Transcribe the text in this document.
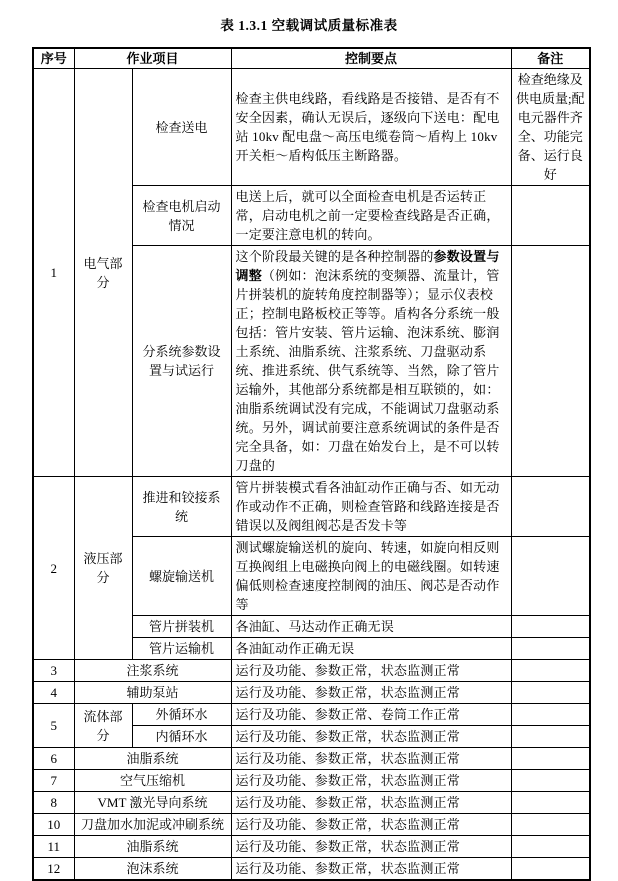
表 1.3.1 空载调试质量标准表
序号	作业项目		控制要点	备注
1	电气部分	检查送电	检查主供电线路，看线路是否接错、是否有不安全因素，确认无误后，逐级向下送电：配电站 10kv 配电盘～高压电缆卷筒～盾构上 10kv 开关柜～盾构低压主断路器。	检查绝缘及供电质量;配电元器件齐全、功能完备、运行良好
		检查电机启动情况	电送上后，就可以全面检查电机是否运转正常，启动电机之前一定要检查线路是否正确，一定要注意电机的转向。	
		分系统参数设置与试运行	这个阶段最关键的是各种控制器的参数设置与调整（例如：泡沫系统的变频器、流量计，管片拼装机的旋转角度控制器等）；显示仪表校正；控制电路板校正等等。盾构各分系统一般包括：管片安装、管片运输、泡沫系统、膨润土系统、油脂系统、注浆系统、刀盘驱动系统、推进系统、供气系统等、当然，除了管片运输外，其他部分系统都是相互联锁的，如：油脂系统调试没有完成，不能调试刀盘驱动系统。另外，调试前要注意系统调试的条件是否完全具备，如：刀盘在始发台上，是不可以转刀盘的	
2	液压部分	推进和铰接系统	管片拼装模式看各油缸动作正确与否、如无动作或动作不正确，则检查管路和线路连接是否错误以及阀组阀芯是否发卡等	
		螺旋输送机	测试螺旋输送机的旋向、转速，如旋向相反则互换阀组上电磁换向阀上的电磁线圈。如转速偏低则检查速度控制阀的油压、阀芯是否动作等	
		管片拼装机	各油缸、马达动作正确无误	
		管片运输机	各油缸动作正确无误	
3	注浆系统		运行及功能、参数正常，状态监测正常	
4	辅助泵站		运行及功能、参数正常，状态监测正常	
5	流体部分	外循环水	运行及功能、参数正常、卷筒工作正常	
		内循环水	运行及功能、参数正常，状态监测正常	
6	油脂系统		运行及功能、参数正常，状态监测正常	
7	空气压缩机		运行及功能、参数正常，状态监测正常	
8	VMT 激光导向系统		运行及功能、参数正常，状态监测正常	
10	刀盘加水加泥或冲刷系统		运行及功能、参数正常，状态监测正常	
11	油脂系统		运行及功能、参数正常，状态监测正常	
12	泡沫系统		运行及功能、参数正常，状态监测正常	
